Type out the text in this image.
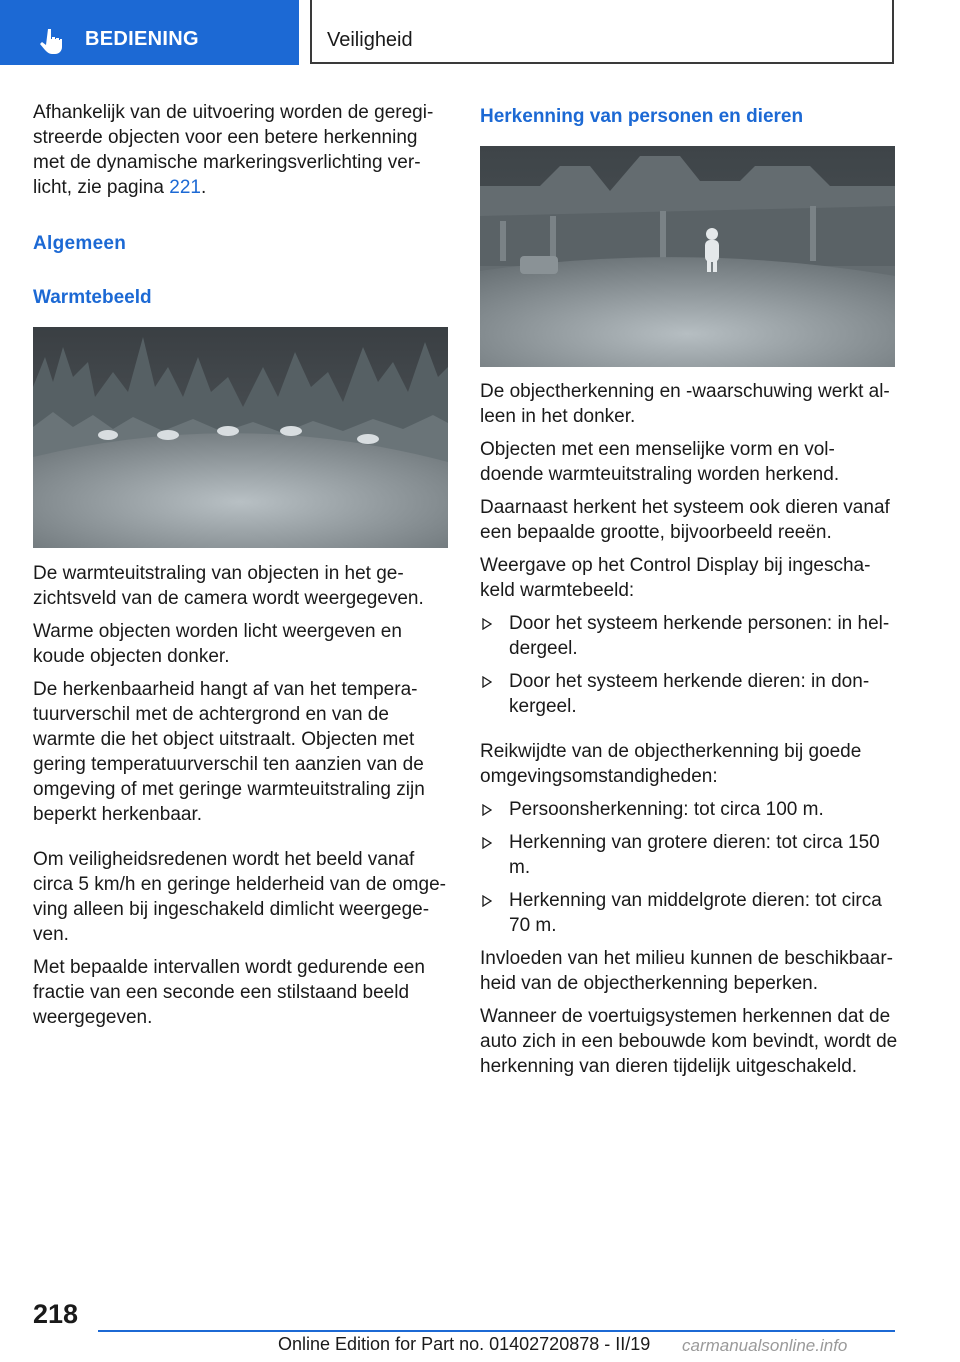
BEDIENING	Veiligheid

Afhankelijk van de uitvoering worden de geregi-streerde objecten voor een betere herkenning met de dynamische markeringsverlichting ver-licht, zie pagina 221.

Algemeen
Warmtebeeld

De warmteuitstraling van objecten in het ge-zichtsveld van de camera wordt weergegeven.

Warme objecten worden licht weergeven en koude objecten donker.

De herkenbaarheid hangt af van het tempera-tuurverschil met de achtergrond en van de warmte die het object uitstraalt. Objecten met gering temperatuurverschil ten aanzien van de omgeving of met geringe warmteuitstraling zijn beperkt herkenbaar.

Om veiligheidsredenen wordt het beeld vanaf circa 5 km/h en geringe helderheid van de omge-ving alleen bij ingeschakeld dimlicht weergege-ven.

Met bepaalde intervallen wordt gedurende een fractie van een seconde een stilstaand beeld weergegeven.

Herkenning van personen en dieren

De objectherkenning en -waarschuwing werkt al-leen in het donker.

Objecten met een menselijke vorm en vol-doende warmteuitstraling worden herkend.

Daarnaast herkent het systeem ook dieren vanaf een bepaalde grootte, bijvoorbeeld reeën.

Weergave op het Control Display bij ingescha-keld warmtebeeld:

Door het systeem herkende personen: in hel-dergeel.
Door het systeem herkende dieren: in don-kergeel.

Reikwijdte van de objectherkenning bij goede omgevingsomstandigheden:

Persoonsherkenning: tot circa 100 m.
Herkenning van grotere dieren: tot circa 150 m.
Herkenning van middelgrote dieren: tot circa 70 m.

Invloeden van het milieu kunnen de beschikbaar-heid van de objectherkenning beperken.

Wanneer de voertuigsystemen herkennen dat de auto zich in een bebouwde kom bevindt, wordt de herkenning van dieren tijdelijk uitgeschakeld.

218
Online Edition for Part no. 01402720878 - II/19 carmanualsonline.info
